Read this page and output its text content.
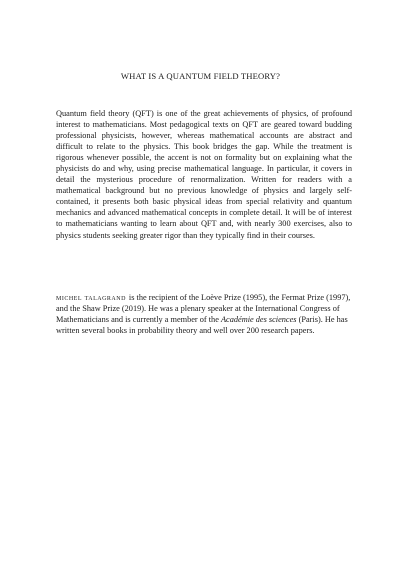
WHAT IS A QUANTUM FIELD THEORY?

Quantum field theory (QFT) is one of the great achievements of physics, of profound interest to mathematicians. Most pedagogical texts on QFT are geared toward budding professional physicists, however, whereas mathematical accounts are abstract and difficult to relate to the physics. This book bridges the gap. While the treatment is rigorous whenever possible, the accent is not on formality but on explaining what the physicists do and why, using precise mathematical language. In particular, it covers in detail the mysterious procedure of renormalization. Written for readers with a mathematical background but no previous knowledge of physics and largely self-contained, it presents both basic physical ideas from special relativity and quantum mechanics and advanced mathematical concepts in complete detail. It will be of interest to mathematicians wanting to learn about QFT and, with nearly 300 exercises, also to physics students seeking greater rigor than they typically find in their courses.

michel talagrand is the recipient of the Loève Prize (1995), the Fermat Prize (1997), and the Shaw Prize (2019). He was a plenary speaker at the International Congress of Mathematicians and is currently a member of the Académie des sciences (Paris). He has written several books in probability theory and well over 200 research papers.
